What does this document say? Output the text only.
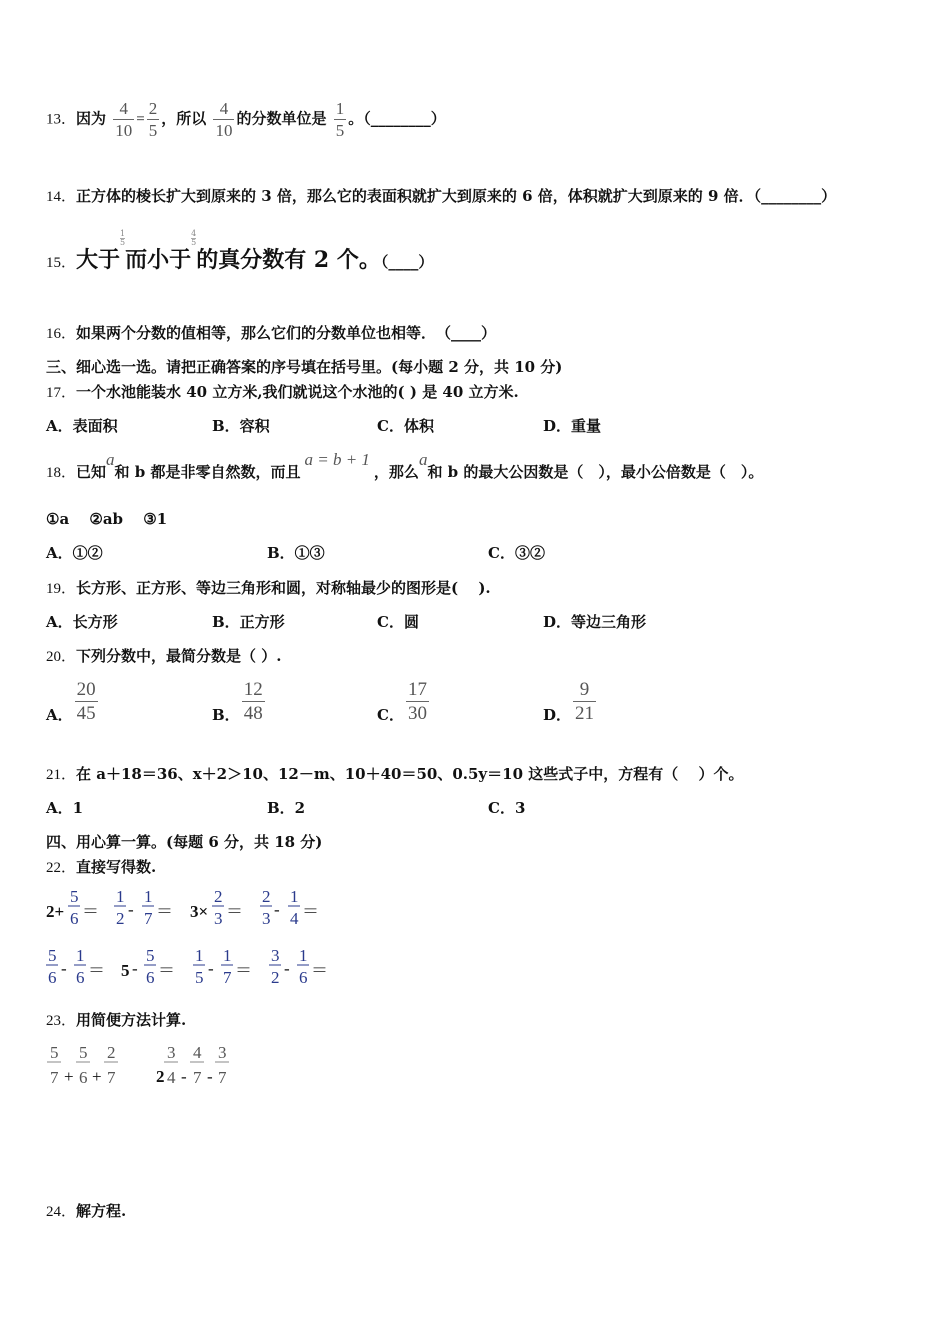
13．因为 $\frac{4}{10} = \frac{2}{5}$ ，所以 $\frac{4}{10}$ 的分数单位是 $\frac{1}{5}$ 。（________）
14．正方体的棱长扩大到原来的 3 倍，那么它的表面积就扩大到原来的 6 倍，体积就扩大到原来的 9 倍．（________）
15．大于
$\frac{1}{5}$
而小于
$\frac{4}{5}$
的真分数有 2 个。（____）
16．如果两个分数的值相等，那么它们的分数单位也相等．　（____）
三、细心选一选。请把正确答案的序号填在括号里。(每小题 2 分，共 10 分)
17．一个水池能装水 40 立方米,我们就说这个水池的( ) 是 40 立方米.
A．表面积	B．容积	C．体积	D．重量
18．已知a和 b 都是非零自然数，而且a = b + 1，那么a和 b 的最大公因数是（　），最小公倍数是（　）。
①a　 ②ab　 ③1
A．①②	B．①③	C．③②
19．长方形、正方形、等边三角形和圆，对称轴最少的图形是(　 ).
A．长方形	B．正方形	C．圆	D．等边三角形
20．下列分数中，最简分数是（ ）.
A． $\frac{20}{45}$	B． $\frac{12}{48}$	C． $\frac{17}{30}$	D． $\frac{9}{21}$
21．在 a＋18＝36、x＋2＞10、12－m、10＋40＝50、0.5y＝10 这些式子中，方程有（　 ）个。
A．1	B．2	C．3
四、用心算一算。(每题 6 分，共 18 分)
22．直接写得数.
2+
5
6 ＝
1
2 -
1
7 ＝ 3×
2
3 ＝
2
3 -
1
4 ＝
5
6 -
1
6 ＝ 5 -
5
6 ＝
1
5 -
1
7 ＝
3
2 -
1
6 ＝
23．用简便方法计算.
5
7 +
5
6 +
2
7 2
3
4 -
4
7 -
3
7
24．解方程.
